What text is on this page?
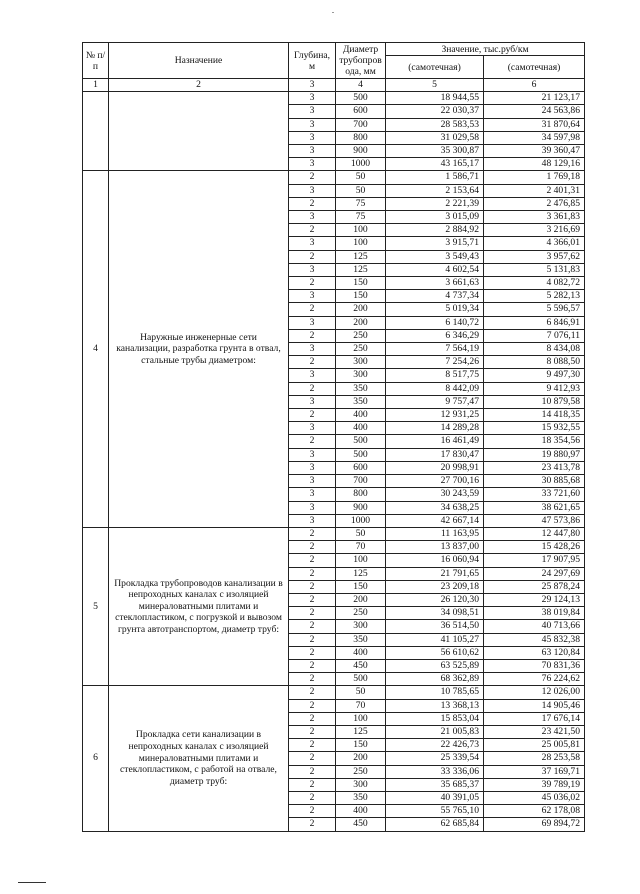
№ п/п	Назначение	Глубина, м	Диаметр трубопров ода, мм	Значение, тыс.руб/км	
				(самотечная)	(самотечная)
1	2	3	4	5	6
		3	500	18 944,55	21 123,17
		3	600	22 030,37	24 563,86
		3	700	28 583,53	31 870,64
		3	800	31 029,58	34 597,98
		3	900	35 300,87	39 360,47
		3	1000	43 165,17	48 129,16
4	Наружные инженерные сети канализации, разработка грунта в отвал, стальные трубы диаметром:	2	50	1 586,71	1 769,18
		3	50	2 153,64	2 401,31
		2	75	2 221,39	2 476,85
		3	75	3 015,09	3 361,83
		2	100	2 884,92	3 216,69
		3	100	3 915,71	4 366,01
		2	125	3 549,43	3 957,62
		3	125	4 602,54	5 131,83
		2	150	3 661,63	4 082,72
		3	150	4 737,34	5 282,13
		2	200	5 019,34	5 596,57
		3	200	6 140,72	6 846,91
		2	250	6 346,29	7 076,11
		3	250	7 564,19	8 434,08
		2	300	7 254,26	8 088,50
		3	300	8 517,75	9 497,30
		2	350	8 442,09	9 412,93
		3	350	9 757,47	10 879,58
		2	400	12 931,25	14 418,35
		3	400	14 289,28	15 932,55
		2	500	16 461,49	18 354,56
		3	500	17 830,47	19 880,97
		3	600	20 998,91	23 413,78
		3	700	27 700,16	30 885,68
		3	800	30 243,59	33 721,60
		3	900	34 638,25	38 621,65
		3	1000	42 667,14	47 573,86
5	Прокладка трубопроводов канализации в непроходных каналах с изоляцией минераловатными плитами и стеклопластиком, с погрузкой и вывозом грунта автотранспортом, диаметр труб:	2	50	11 163,95	12 447,80
		2	70	13 837,00	15 428,26
		2	100	16 060,94	17 907,95
		2	125	21 791,65	24 297,69
		2	150	23 209,18	25 878,24
		2	200	26 120,30	29 124,13
		2	250	34 098,51	38 019,84
		2	300	36 514,50	40 713,66
		2	350	41 105,27	45 832,38
		2	400	56 610,62	63 120,84
		2	450	63 525,89	70 831,36
		2	500	68 362,89	76 224,62
6	Прокладка сети канализации в непроходных каналах с изоляцией минераловатными плитами и стеклопластиком, с работой на отвале, диаметр труб:	2	50	10 785,65	12 026,00
		2	70	13 368,13	14 905,46
		2	100	15 853,04	17 676,14
		2	125	21 005,83	23 421,50
		2	150	22 426,73	25 005,81
		2	200	25 339,54	28 253,58
		2	250	33 336,06	37 169,71
		2	300	35 685,37	39 789,19
		2	350	40 391,05	45 036,02
		2	400	55 765,10	62 178,08
		2	450	62 685,84	69 894,72
